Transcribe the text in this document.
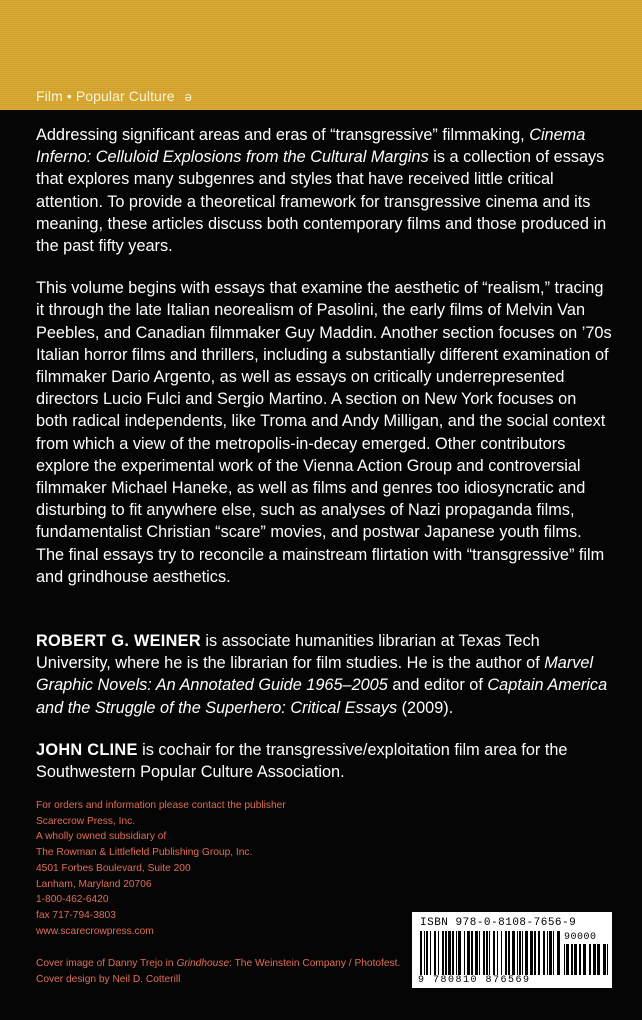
Film • Popular Culture ə

Addressing significant areas and eras of “transgressive” filmmaking, Cinema Inferno: Celluloid Explosions from the Cultural Margins is a collection of essays that explores many subgenres and styles that have received little critical attention. To provide a theoretical framework for transgressive cinema and its meaning, these articles discuss both contemporary films and those produced in the past fifty years.

This volume begins with essays that examine the aesthetic of “realism,” tracing it through the late Italian neorealism of Pasolini, the early films of Melvin Van Peebles, and Canadian filmmaker Guy Maddin. Another section focuses on ’70s Italian horror films and thrillers, including a substantially different examination of filmmaker Dario Argento, as well as essays on critically underrepresented directors Lucio Fulci and Sergio Martino. A section on New York focuses on both radical independents, like Troma and Andy Milligan, and the social context from which a view of the metropolis-in-decay emerged. Other contributors explore the experimental work of the Vienna Action Group and controversial filmmaker Michael Haneke, as well as films and genres too idiosyncratic and disturbing to fit anywhere else, such as analyses of Nazi propaganda films, fundamentalist Christian “scare” movies, and postwar Japanese youth films. The final essays try to reconcile a mainstream flirtation with “transgressive” film and grindhouse aesthetics.

ROBERT G. WEINER is associate humanities librarian at Texas Tech University, where he is the librarian for film studies. He is the author of Marvel Graphic Novels: An Annotated Guide 1965–2005 and editor of Captain America and the Struggle of the Superhero: Critical Essays (2009).

JOHN CLINE is cochair for the transgressive/exploitation film area for the Southwestern Popular Culture Association.

For orders and information please contact the publisher
Scarecrow Press, Inc.
A wholly owned subsidiary of
The Rowman & Littlefield Publishing Group, Inc.
4501 Forbes Boulevard, Suite 200
Lanham, Maryland 20706
1-800-462-6420
fax 717-794-3803
www.scarecrowpress.com
Cover image of Danny Trejo in Grindhouse: The Weinstein Company / Photofest.
Cover design by Neil D. Cotterill
ISBN 978-0-8108-7656-9
90000
9 780810 876569
